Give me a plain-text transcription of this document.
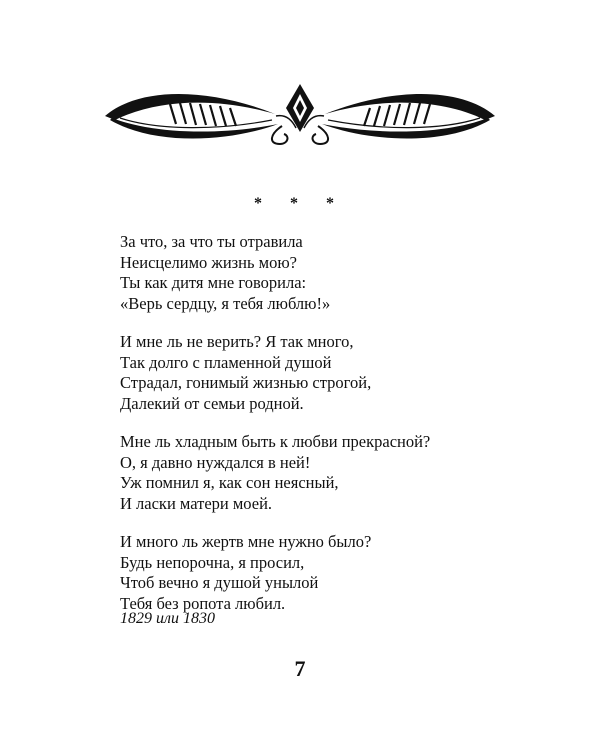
* * *
За что, за что ты отравила
Неисцелимо жизнь мою?
Ты как дитя мне говорила:
«Верь сердцу, я тебя люблю!»
И мне ль не верить? Я так много,
Так долго с пламенной душой
Страдал, гонимый жизнью строгой,
Далекий от семьи родной.
Мне ль хладным быть к любви прекрасной?
О, я давно нуждался в ней!
Уж помнил я, как сон неясный,
И ласки матери моей.
И много ль жертв мне нужно было?
Будь непорочна, я просил,
Чтоб вечно я душой унылой
Тебя без ропота любил.
1829 или 1830
7
